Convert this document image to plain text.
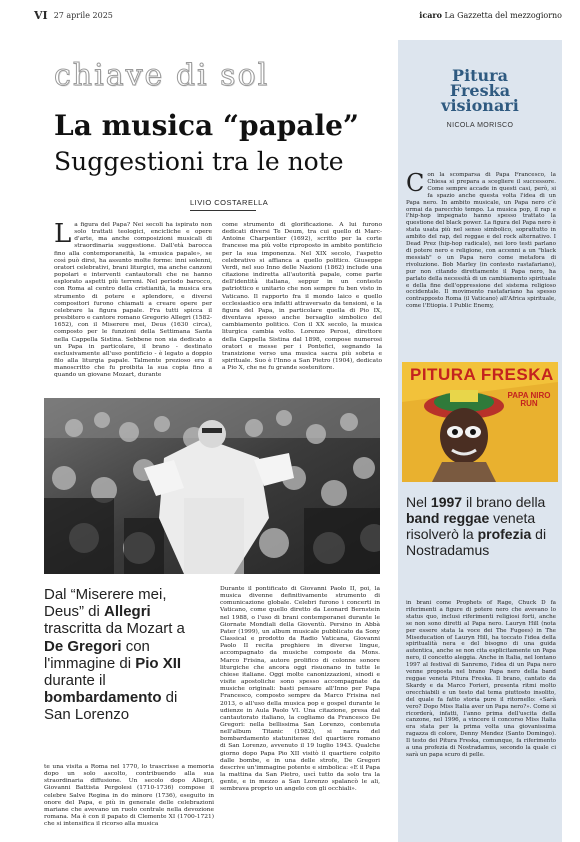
VI 27 aprile 2025	icaro La Gazzetta del mezzogiorno
chiave di sol
La musica “papale”
Suggestioni tra le note
LIVIO COSTARELLA

La figura del Papa? Nei secoli ha ispirato non solo trattati teologici, encicliche e opere d'arte, ma anche composizioni musicali di straordinaria suggestione. Dall'età barocca fino alla contemporaneità, la «musica papale», se così può dirsi, ha assunto molte forme: inni solenni, oratori celebrativi, brani liturgici, ma anche canzoni popolari e interventi cantautorali che ne hanno esplorato aspetti più terreni. Nel periodo barocco, con Roma al centro della cristianità, la musica era strumento di potere e splendore, e diversi compositori furono chiamati a creare opere per celebrare la figura papale. Fra tutti spicca il presbitero e cantore romano Gregorio Allegri (1582-1652), con il Miserere mei, Deus (1630 circa), composto per le funzioni della Settimana Santa nella Cappella Sistina. Sebbene non sia dedicato a un Papa in particolare, il brano - destinato esclusivamente all'uso pontificio - è legato a doppio filo alla liturgia papale. Talmente prezioso era il manoscritto che fu proibita la sua copia fino a quando un giovane Mozart, durante

come strumento di glorificazione. A lui furono dedicati diversi Te Deum, tra cui quello di Marc-Antoine Charpentier (1692), scritto per la corte francese ma più volte riproposto in ambito pontificio per la sua imponenza. Nel XIX secolo, l'aspetto celebrativo si affianca a quello politico. Giuseppe Verdi, nel suo Inno delle Nazioni (1862) include una citazione indiretta all'autorità papale, come parte dell'identità italiana, seppur in un contesto patriottico e unitario che non sempre fu ben visto in Vaticano. Il rapporto fra il mondo laico e quello ecclesiastico era infatti attraversato da tensioni, e la figura del Papa, in particolare quella di Pio IX, diventava spesso anche bersaglio simbolico del cambiamento politico. Con il XX secolo, la musica liturgica cambia volto. Lorenzo Perosi, direttore della Cappella Sistina dal 1898, compose numerosi oratori e messe per i Pontefici, segnando la transizione verso una musica sacra più sobria e spirituale. Suo è l'Inno a San Pietro (1904), dedicato a Pio X, che ne fu grande sostenitore.

Dal “Miserere mei, Deus” di Allegri trascritta da Mozart a De Gregori con l'immagine di Pio XII durante il bombardamento di San Lorenzo

te una visita a Roma nel 1770, lo trascrisse a memoria dopo un solo ascolto, contribuendo alla sua straordinaria diffusione. Un secolo dopo Allegri, Giovanni Battista Pergolesi (1710-1736) compose il celebre Salve Regina in do minore (1736), eseguito in onore del Papa, e più in generale delle celebrazioni mariane che avevano un ruolo centrale nella devozione romana. Ma è con il papato di Clemente XI (1700-1721) che si intensifica il ricorso alla musica

Durante il pontificato di Giovanni Paolo II, poi, la musica divenne definitivamente strumento di comunicazione globale. Celebri furono i concerti in Vaticano, come quello diretto da Leonard Bernstein nel 1988, o l'uso di brani contemporanei durante le Giornate Mondiali della Gioventù. Persino in Abbà Pater (1999), un album musicale pubblicato da Sony Classical e prodotto da Radio Vaticana, Giovanni Paolo II recita preghiere in diverse lingue, accompagnato da musiche composte da Mons. Marco Frisina, autore prolifico di colonne sonore liturgiche che ancora oggi risuonano in tutte le chiese italiane. Oggi molte canonizzazioni, sinodi e visite apostoliche sono spesso accompagnate da musiche originali: basti pensare all'Inno per Papa Francesco, composto sempre da Marco Frisina nel 2013, o all'uso della musica pop e gospel durante le udienze in Aula Paolo VI. Una citazione, presa dal cantautorato italiano, la cogliamo da Francesco De Gregori: nella bellissima San Lorenzo, contenuta nell'album Titanic (1982), si narra del bombardamento statunitense del quartiere romano di San Lorenzo, avvenuto il 19 luglio 1943. Qualche giorno dopo Papa Pio XII visitò il quartiere colpito dalle bombe, e in una delle strofe, De Gregori descrive un'immagine potente e simbolica: «E il Papa la mattina da San Pietro, uscì tutto da solo tra la gente, e in mezzo a San Lorenzo spalancò le ali, sembrava proprio un angelo con gli occhiali».

Pitura
Freska
visionari
NICOLA MORISCO

Con la scomparsa di Papa Francesco, la Chiesa si prepara a scegliere il successore. Come sempre accade in questi casi, però, si fa spazio anche questa volta l'idea di un Papa nero. In ambito musicale, un Papa nero c'è ormai da parecchio tempo. La musica pop, il rap e l'hip-hop impegnato hanno spesso trattato la questione del black power. La figura del Papa nero è stata usata più nel senso simbolico, soprattutto in ambito del rap, del reggae e del rock alternativo. I Dead Prez (hip-hop radicale), nei loro testi parlano di potere nero e religione, con accenni a un "black messiah" o un Papa nero come metafora di rivoluzione. Bob Marley (in contesto rastafariano), pur non citando direttamente il Papa nero, ha parlato della necessità di un cambiamento spirituale e della fine dell'oppressione del sistema religioso occidentale. Il movimento rastafariano ha spesso contrapposto Roma (il Vaticano) all'Africa spirituale, come l'Etiopia. I Public Enemy,

PITURA FRESKA
PAPA NIRO RUN
Nel 1997 il brano della band reggae veneta risolverò la profezia di Nostradamus

in brani come Prophets of Rage, Chuck D fa riferimenti a figure di potere nero che avevano lo status quo, inclusi riferimenti religiosi forti, anche se non sono diretti al Papa nero. Lauryn Hill (nota per essere stata la voce dei The Fugees) in The Miseducation of Lauryn Hill, ha toccato l'idea della spiritualità nera e del bisogno di una guida autentica, anche se non cita esplicitamente un Papa nero, il concetto aleggia. Anche in Italia, nel lontano 1997 al festival di Sanremo, l'idea di un Papa nero venne proposta nel brano Papa nero della band reggae veneta Pitura Freska. Il brano, cantato da Skardy e da Marco Forieri, presenta ritmi molto orecchiabili e un testo dal tema piuttosto insolito, del quale fa fatto storia pure il ritornello: «Sarà vero? Dopo Miss Italia aver un Papa nero?». Come si ricorderà, infatti, l'anno prima dell'uscita della canzone, nel 1996, a vincere il concorso Miss Italia era stata per la prima volta una giovanissima ragazza di colore, Denny Mendez (Santo Domingo). Il testo dei Pitura Freska, comunque, fa riferimento a una profezia di Nostradamus, secondo la quale ci sarà un papa scuro di pelle.
